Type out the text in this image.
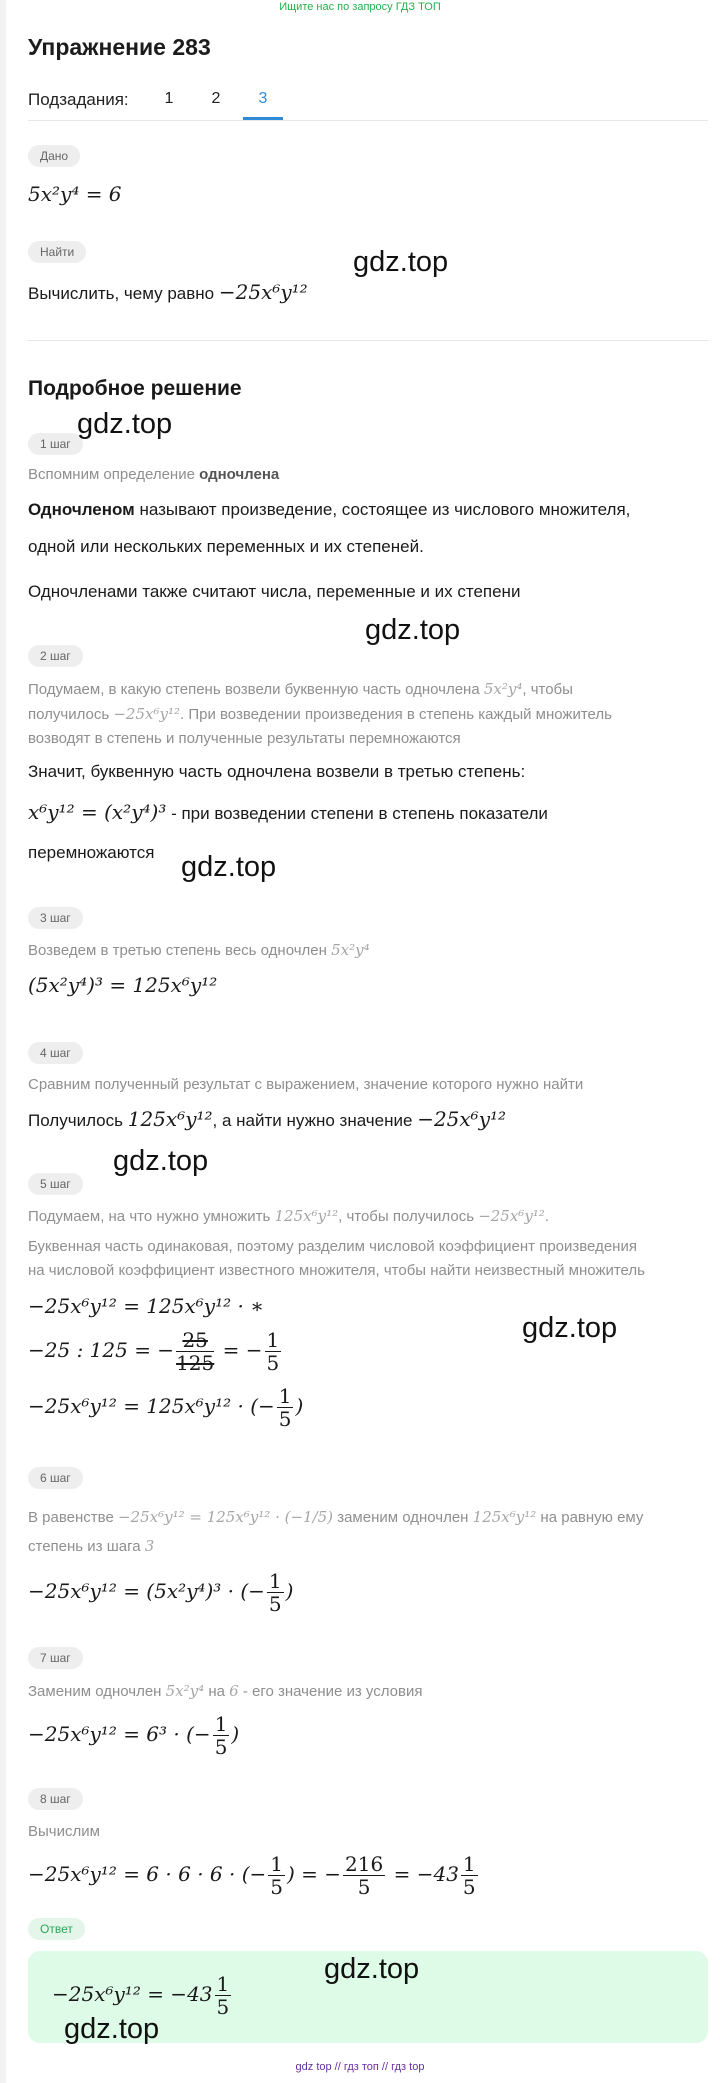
Ищите нас по запросу ГДЗ ТОП
Упражнение 283
Подзадания:	1	2	3
Дано
5x²y⁴ = 6
Найти
Вычислить, чему равно −25x⁶y¹²
Подробное решение
1 шаг
Вспомним определение одночлена
Одночленом называют произведение, состоящее из числового множителя,
одной или нескольких переменных и их степеней.
Одночленами также считают числа, переменные и их степени
2 шаг
Подумаем, в какую степень возвели буквенную часть одночлена 5x²y⁴, чтобы
получилось −25x⁶y¹². При возведении произведения в степень каждый множитель
возводят в степень и полученные результаты перемножаются
Значит, буквенную часть одночлена возвели в третью степень:
x⁶y¹² = (x²y⁴)³ - при возведении степени в степень показатели
перемножаются
3 шаг
Возведем в третью степень весь одночлен 5x²y⁴
(5x²y⁴)³ = 125x⁶y¹²
4 шаг
Сравним полученный результат с выражением, значение которого нужно найти
Получилось 125x⁶y¹², а найти нужно значение −25x⁶y¹²
5 шаг
Подумаем, на что нужно умножить 125x⁶y¹², чтобы получилось −25x⁶y¹².
Буквенная часть одинаковая, поэтому разделим числовой коэффициент произведения
на числовой коэффициент известного множителя, чтобы найти неизвестный множитель
−25x⁶y¹² = 125x⁶y¹² · ∗
−25 : 125 = − $\frac{25}{125}$ = − $\frac{1}{5}$
−25x⁶y¹² = 125x⁶y¹² · (− $\frac{1}{5}$ )
6 шаг
В равенстве −25x⁶y¹² = 125x⁶y¹² · (−1/5) заменим одночлен 125x⁶y¹² на равную ему
степень из шага 3
−25x⁶y¹² = (5x²y⁴)³ · (− $\frac{1}{5}$ )
7 шаг
Заменим одночлен 5x²y⁴ на 6 - его значение из условия
−25x⁶y¹² = 6³ · (− $\frac{1}{5}$ )
8 шаг
Вычислим
−25x⁶y¹² = 6 · 6 · 6 · (− $\frac{1}{5}$ ) = − $\frac{216}{5} = -43 \frac{1}{5}$
Ответ
$-25x^6y^{12} = -43 \frac{1}{5}$
gdz.top
gdz.top
gdz.top
gdz.top
gdz.top
gdz.top
gdz.top
gdz.top
gdz top // гдз топ // гдз top
